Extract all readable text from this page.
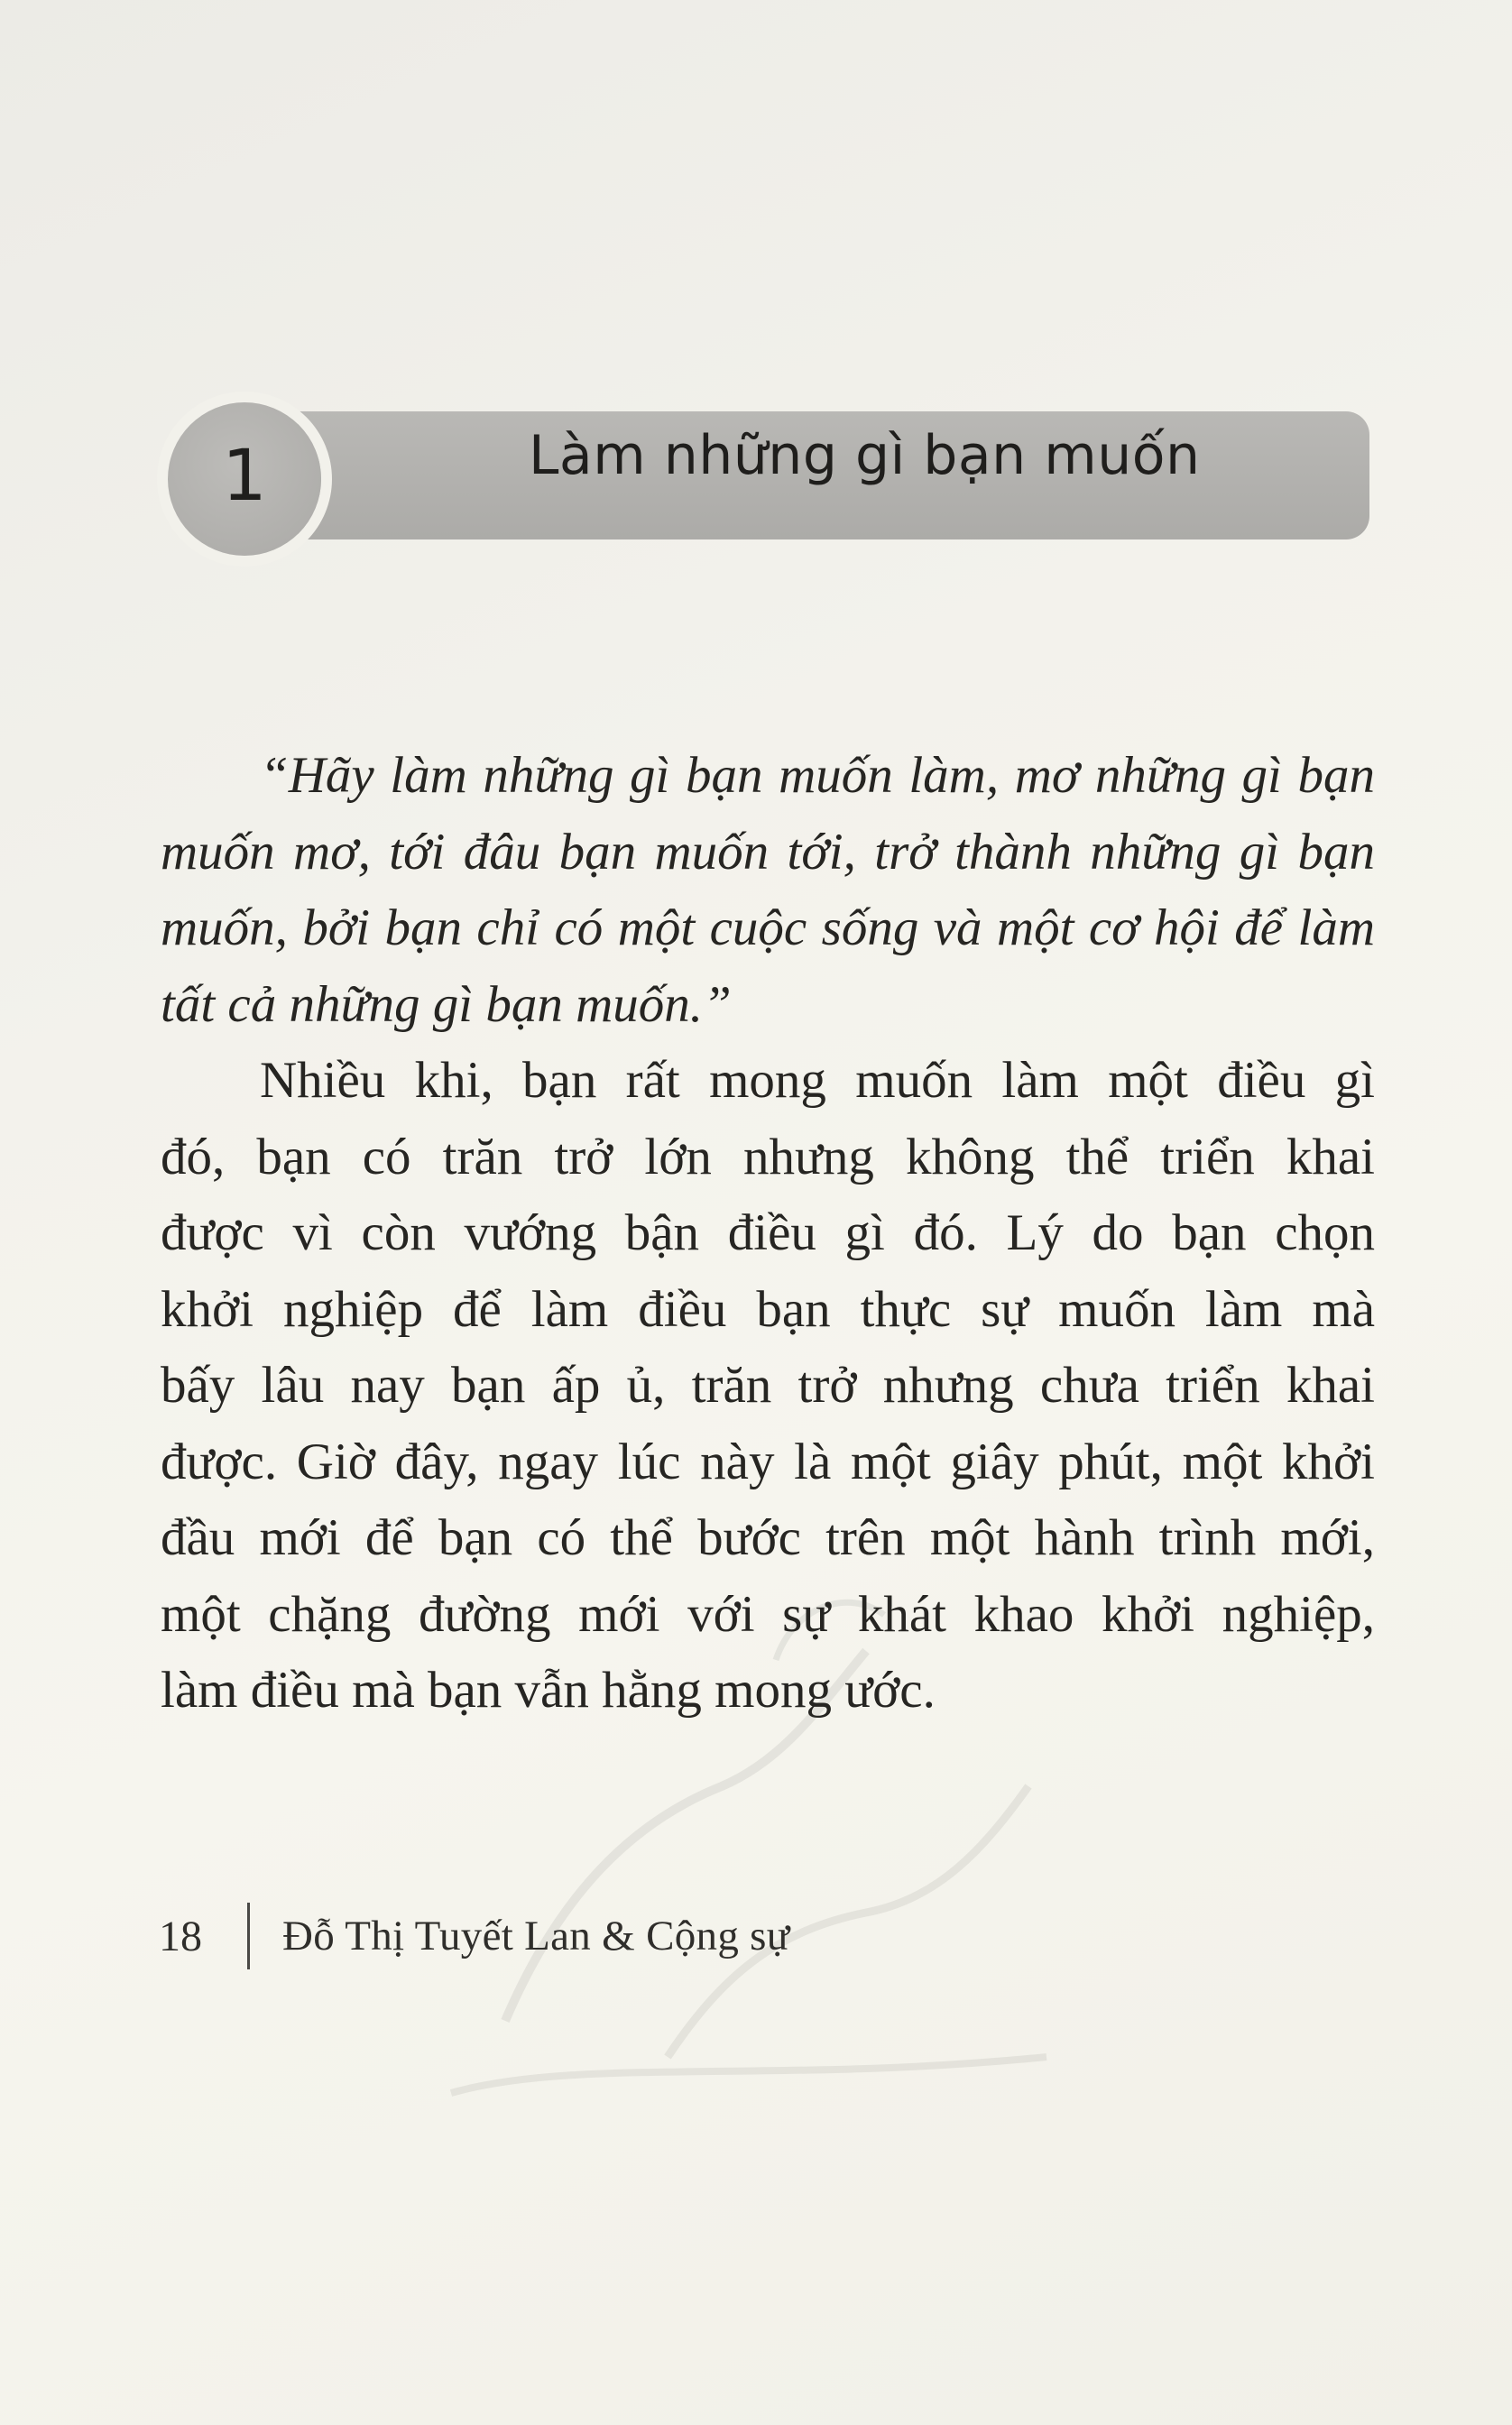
1	Làm những gì bạn muốn
“Hãy làm những gì bạn muốn làm, mơ những gì bạn
muốn mơ, tới đâu bạn muốn tới, trở thành những gì bạn
muốn, bởi bạn chỉ có một cuộc sống và một cơ hội để làm
tất cả những gì bạn muốn.”
Nhiều khi, bạn rất mong muốn làm một điều gì
đó, bạn có trăn trở lớn nhưng không thể triển khai
được vì còn vướng bận điều gì đó. Lý do bạn chọn
khởi nghiệp để làm điều bạn thực sự muốn làm mà
bấy lâu nay bạn ấp ủ, trăn trở nhưng chưa triển khai
được. Giờ đây, ngay lúc này là một giây phút, một khởi
đầu mới để bạn có thể bước trên một hành trình mới,
một chặng đường mới với sự khát khao khởi nghiệp,
làm điều mà bạn vẫn hằng mong ước.
18 Đỗ Thị Tuyết Lan & Cộng sự
